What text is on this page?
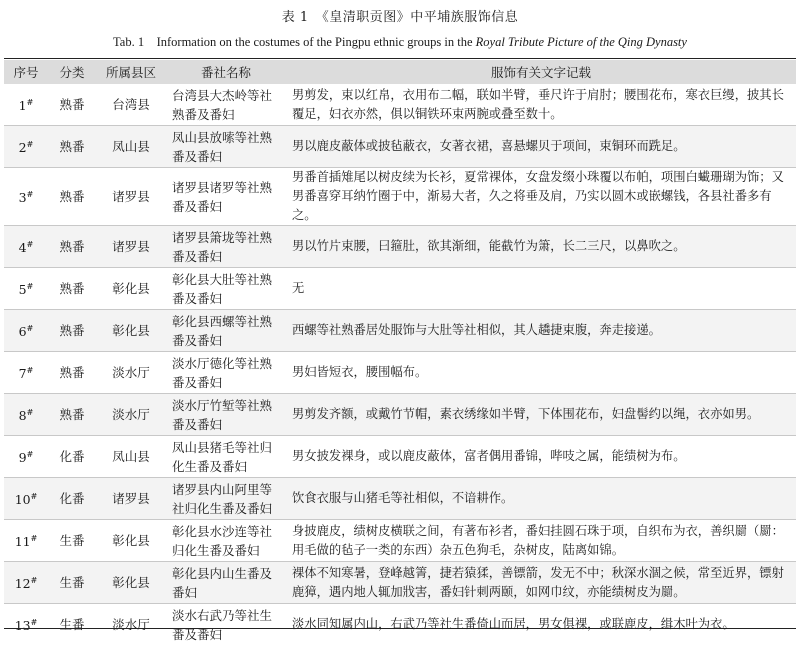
表 1　《皇清职贡图》中平埔族服饰信息
Tab. 1　Information on the costumes of the Pingpu ethnic groups in the Royal Tribute Picture of the Qing Dynasty
序号	分类	所属县区	番社名称	服饰有关文字记载
1#	熟番	台湾县	台湾县大杰岭等社熟番及番妇	男剪发，束以红帛，衣用布二幅，联如半臂，垂尺许于肩肘；腰围花布，寒衣巨缦，披其长覆足，妇衣亦然，俱以铜铁环束两腕或叠至数十。
2#	熟番	凤山县	凤山县放嗦等社熟番及番妇	男以鹿皮蔽体或披毡蔽衣，女著衣裙，喜悬螺贝于项间，束铜环而跣足。
3#	熟番	诸罗县	诸罗县诸罗等社熟番及番妇	男番首插雉尾以树皮续为长衫，夏常裸体，女盘发缀小珠覆以布帕，项围白蠘珊瑚为饰；又男番喜穿耳纳竹圈于中，渐易大者，久之将垂及肩，乃实以圆木或嵌螺钱，各县社番多有之。
4#	熟番	诸罗县	诸罗县箫垅等社熟番及番妇	男以竹片束腰，曰箍肚，欲其渐细，能截竹为箫，长二三尺，以鼻吹之。
5#	熟番	彰化县	彰化县大肚等社熟番及番妇	无
6#	熟番	彰化县	彰化县西螺等社熟番及番妇	西螺等社熟番居处服饰与大肚等社相似，其人趫捷束腹，奔走接递。
7#	熟番	淡水厅	淡水厅德化等社熟番及番妇	男妇皆短衣，腰围幅布。
8#	熟番	淡水厅	淡水厅竹堑等社熟番及番妇	男剪发齐额，或戴竹节帽，素衣绣缘如半臂，下体围花布，妇盘髻约以绳，衣亦如男。
9#	化番	凤山县	凤山县猪毛等社归化生番及番妇	男女披发裸身，或以鹿皮蔽体，富者偶用番锦，哔吱之属，能绩树为布。
10#	化番	诸罗县	诸罗县内山阿里等社归化生番及番妇	饮食衣服与山猪毛等社相似，不谙耕作。
11#	生番	彰化县	彰化县水沙连等社归化生番及番妇	身披鹿皮，绩树皮横联之间，有著布衫者，番妇挂圆石珠于项，自织布为衣，善织罽（罽：用毛做的毡子一类的东西）杂五色狗毛，杂树皮，陆离如锦。
12#	生番	彰化县	彰化县内山生番及番妇	裸体不知寒暑，登峰越箐，捷若猿猱，善镖箭，发无不中；秋深水涸之候，常至近界，镖射鹿獐，遇内地人辄加戕害，番妇针刺两颐，如网巾纹，亦能绩树皮为罽。
13#	生番	淡水厅	淡水右武乃等社生番及番妇	淡水同知属内山，右武乃等社生番倚山而居，男女俱裸，或联鹿皮，缉木叶为衣。
